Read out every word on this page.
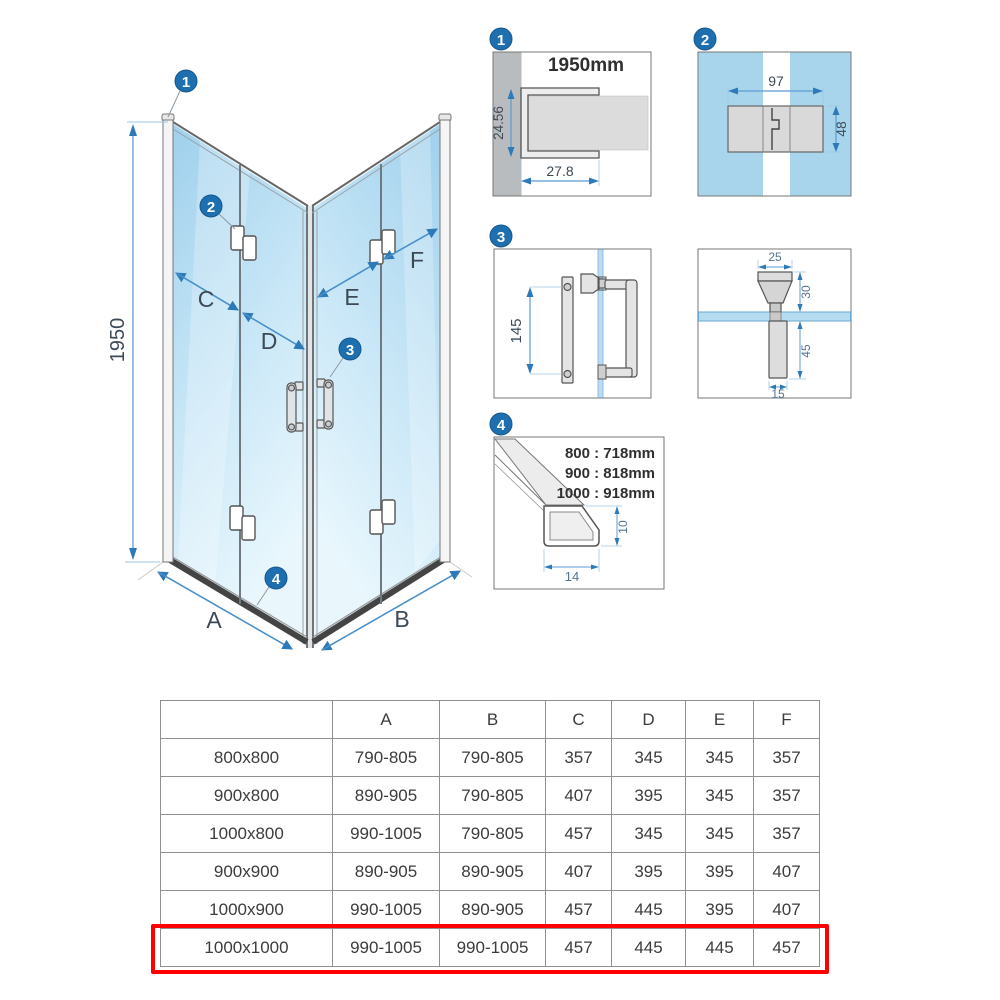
1950
C
D
E
F
A	B
1
2
3
4
1
1950mm
24.56
27.8
2
97
48
3
145
25
30
45
15
4
800 : 718mm
900 : 818mm
1000 : 918mm
14
10
	A	B	C	D	E	F
800x800	790-805	790-805	357	345	345	357
900x800	890-905	790-805	407	395	345	357
1000x800	990-1005	790-805	457	345	345	357
900x900	890-905	890-905	407	395	395	407
1000x900	990-1005	890-905	457	445	395	407
1000x1000	990-1005	990-1005	457	445	445	457
